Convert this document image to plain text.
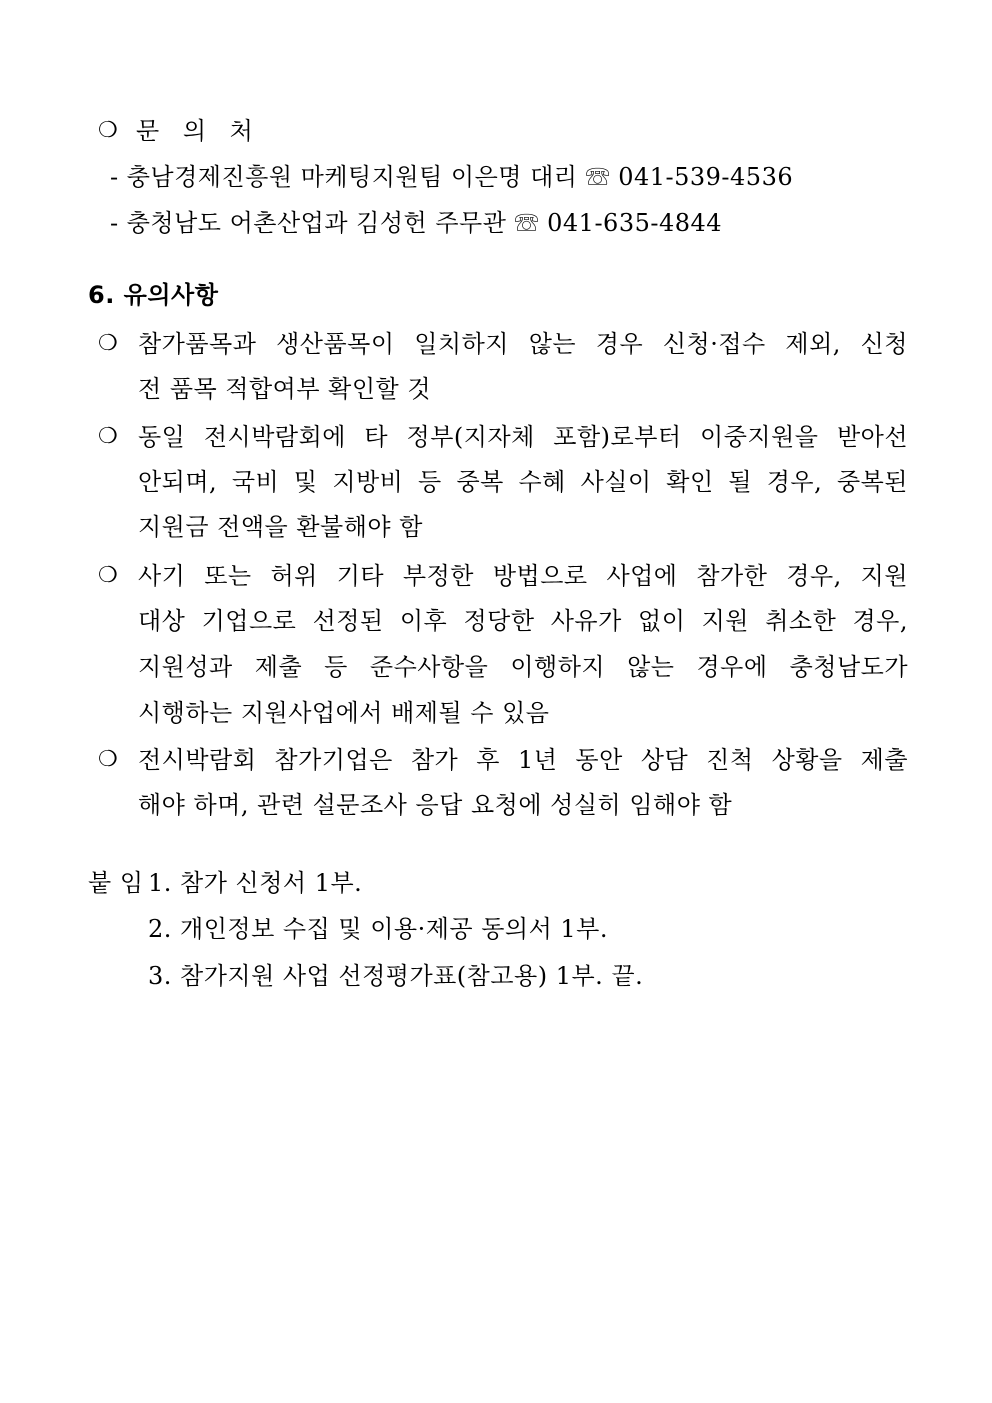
❍ 문 의 처
- 충남경제진흥원 마케팅지원팀 이은명 대리 ☏ 041-539-4536
- 충청남도 어촌산업과 김성헌 주무관 ☏ 041-635-4844
6. 유의사항
❍ 참가품목과 생산품목이 일치하지 않는 경우 신청·접수 제외, 신청
전 품목 적합여부 확인할 것
❍ 동일 전시박람회에 타 정부(지자체 포함)로부터 이중지원을 받아선
안되며, 국비 및 지방비 등 중복 수혜 사실이 확인 될 경우, 중복된
지원금 전액을 환불해야 함
❍ 사기 또는 허위 기타 부정한 방법으로 사업에 참가한 경우, 지원
대상 기업으로 선정된 이후 정당한 사유가 없이 지원 취소한 경우,
지원성과 제출 등 준수사항을 이행하지 않는 경우에 충청남도가
시행하는 지원사업에서 배제될 수 있음
❍ 전시박람회 참가기업은 참가 후 1년 동안 상담 진척 상황을 제출
해야 하며, 관련 설문조사 응답 요청에 성실히 임해야 함
붙 임 1. 참가 신청서 1부.
2. 개인정보 수집 및 이용·제공 동의서 1부.
3. 참가지원 사업 선정평가표(참고용) 1부. 끝.
